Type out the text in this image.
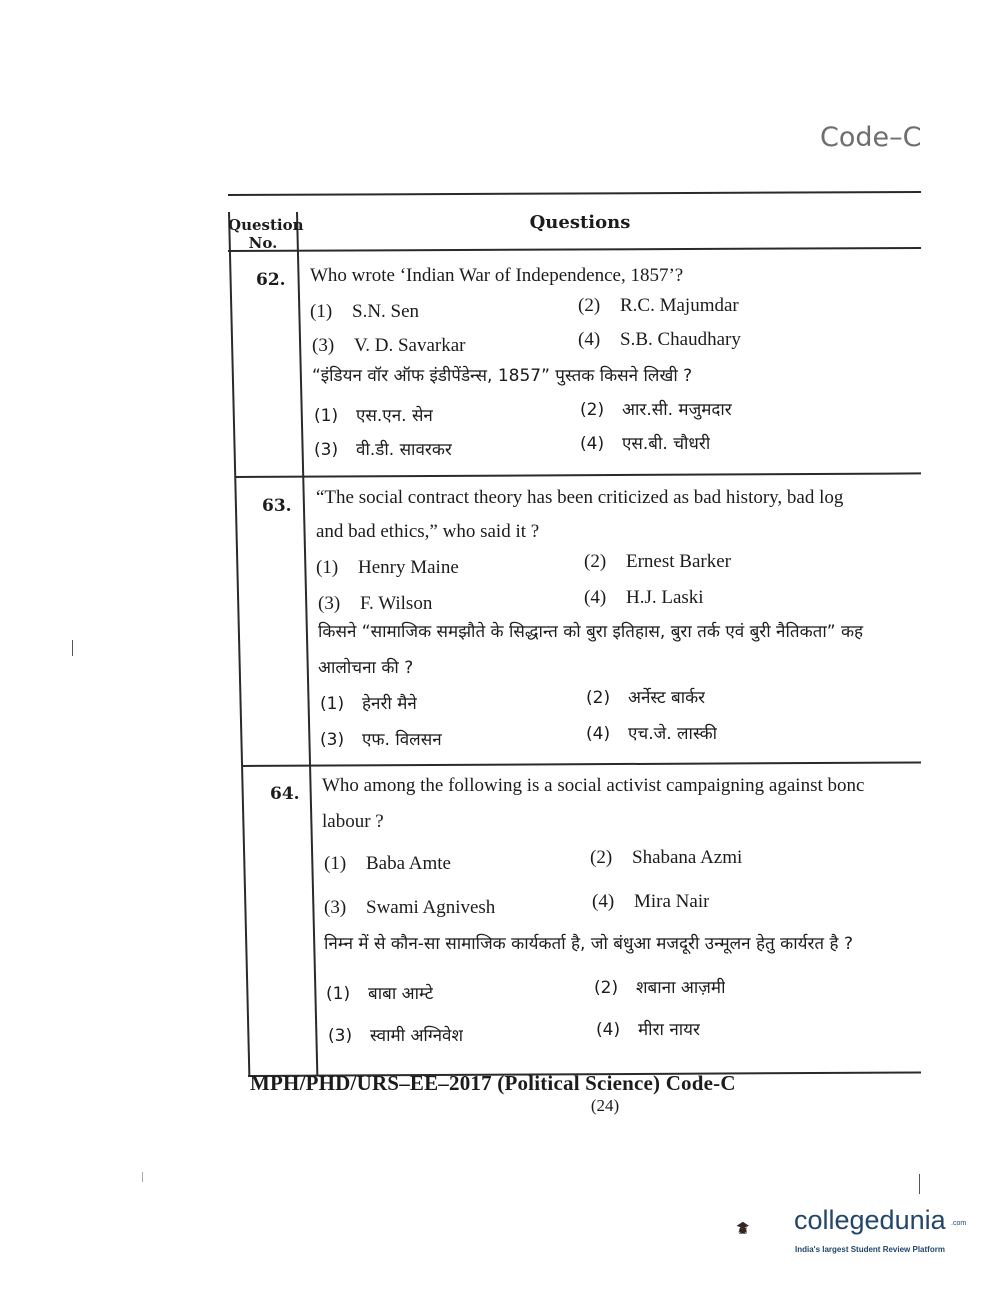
Code–C
Question No.
Questions
62. Who wrote ‘Indian War of Independence, 1857’?
(1) S.N. Sen	(2) R.C. Majumdar
(3) V. D. Savarkar	(4) S.B. Chaudhary
“इंडियन वॉर ऑफ इंडीपेंडेन्स, 1857” पुस्तक किसने लिखी ?
(1) एस.एन. सेन	(2) आर.सी. मजुमदार
(3) वी.डी. सावरकर	(4) एस.बी. चौधरी
63. “The social contract theory has been criticized as bad history, bad log
and bad ethics,” who said it ?
(1) Henry Maine	(2) Ernest Barker
(3) F. Wilson	(4) H.J. Laski
किसने “सामाजिक समझौते के सिद्धान्त को बुरा इतिहास, बुरा तर्क एवं बुरी नैतिकता” कह
आलोचना की ?
(1) हेनरी मैने	(2) अर्नेस्ट बार्कर
(3) एफ. विलसन	(4) एच.जे. लास्की
64. Who among the following is a social activist campaigning against bonc
labour ?
(1) Baba Amte	(2) Shabana Azmi
(3) Swami Agnivesh	(4) Mira Nair
निम्न में से कौन-सा सामाजिक कार्यकर्ता है, जो बंधुआ मजदूरी उन्मूलन हेतु कार्यरत है ?
(1) बाबा आम्टे	(2) शबाना आज़मी
(3) स्वामी अग्निवेश	(4) मीरा नायर
MPH/PHD/URS–EE–2017 (Political Science) Code-C
(24)
collegedunia .com
India's largest Student Review Platform
